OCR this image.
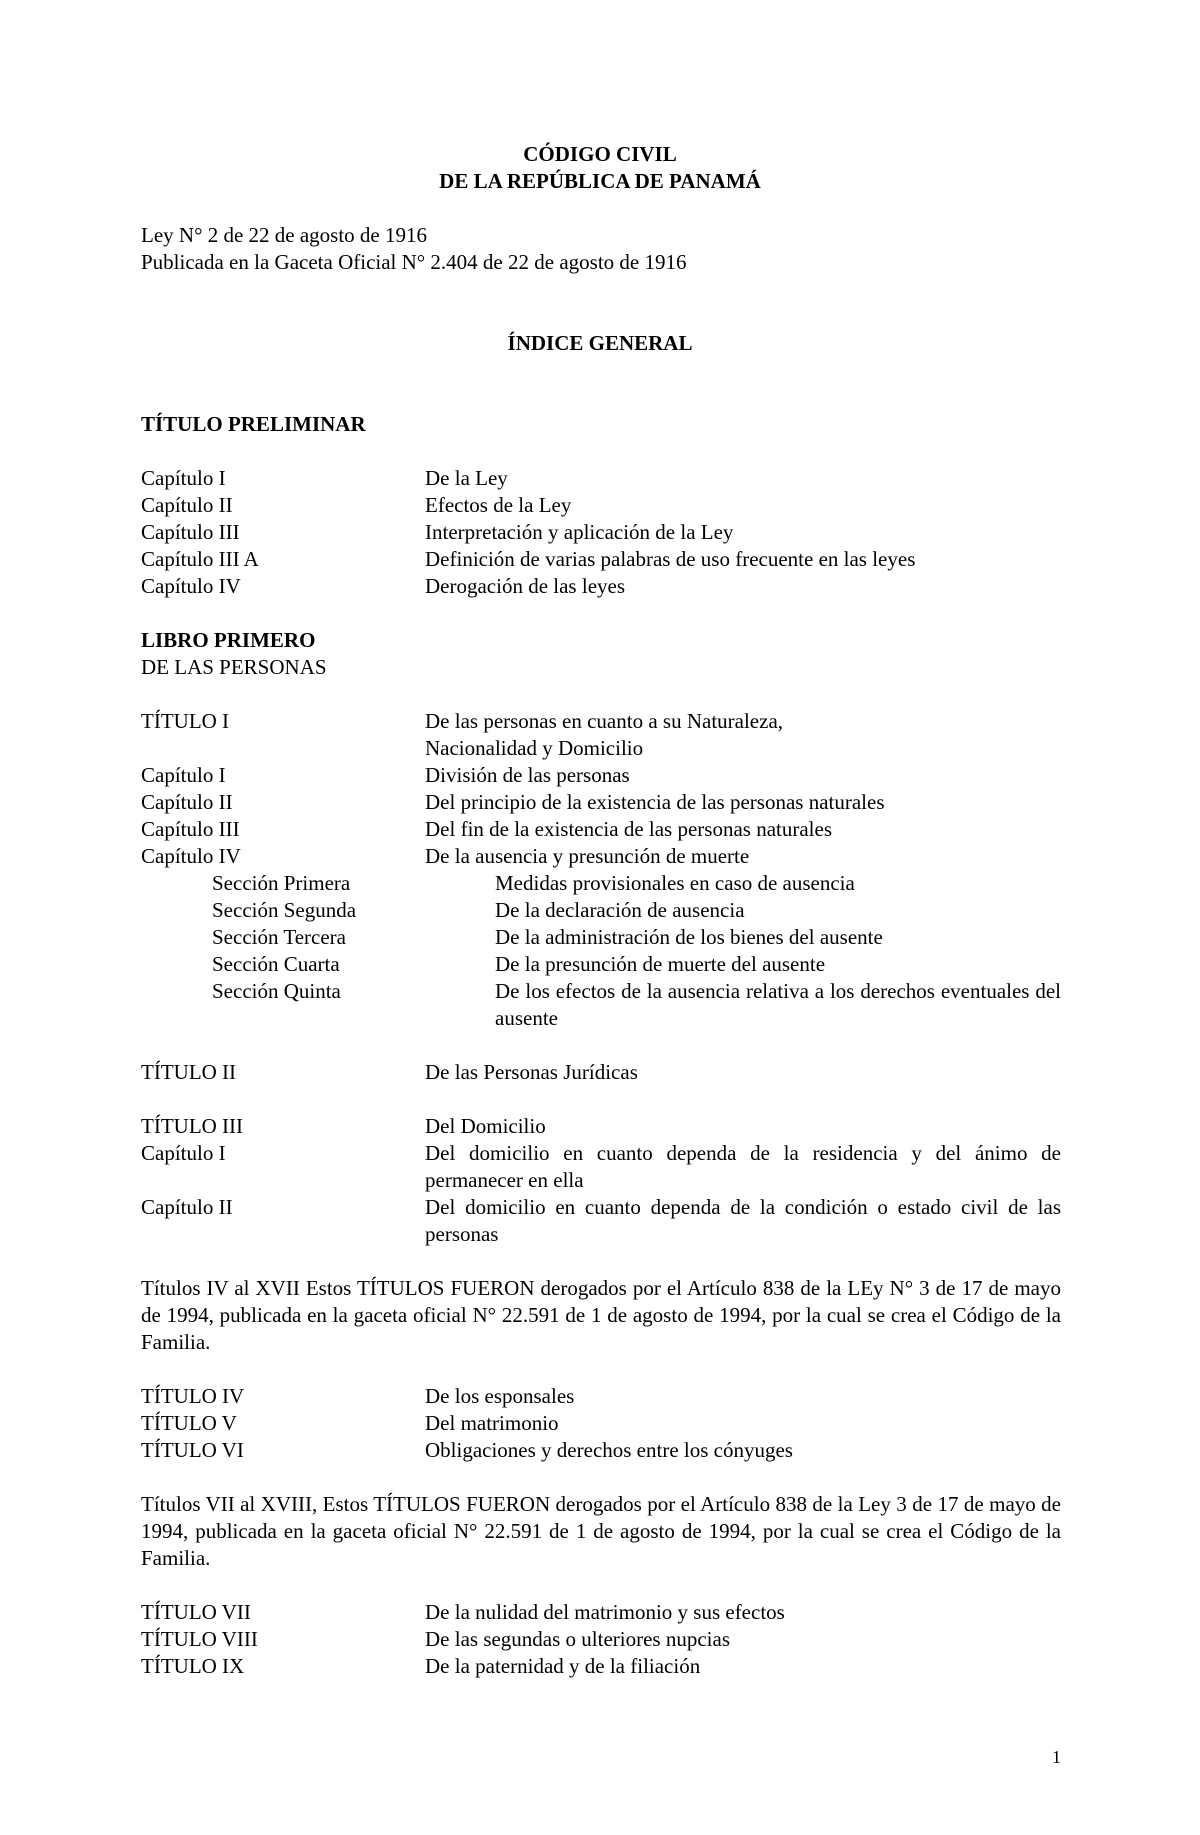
CÓDIGO CIVIL
DE LA REPÚBLICA DE PANAMÁ
Ley N° 2 de 22 de agosto de 1916
Publicada en la Gaceta Oficial N° 2.404 de 22 de agosto de 1916
ÍNDICE GENERAL
TÍTULO PRELIMINAR
Capítulo I	De la Ley
Capítulo II	Efectos de la Ley
Capítulo III	Interpretación y aplicación de la Ley
Capítulo III A	Definición de varias palabras de uso frecuente en las leyes
Capítulo IV	Derogación de las leyes
LIBRO PRIMERO
DE LAS PERSONAS
TÍTULO I	De las personas en cuanto a su Naturaleza, Nacionalidad y Domicilio
Capítulo I	División de las personas
Capítulo II	Del principio de la existencia de las personas naturales
Capítulo III	Del fin de la existencia de las personas naturales
Capítulo IV	De la ausencia y presunción de muerte
Sección Primera	Medidas provisionales en caso de ausencia
Sección Segunda	De la declaración de ausencia
Sección Tercera	De la administración de los bienes del ausente
Sección Cuarta	De la presunción de muerte del ausente
Sección Quinta	De los efectos de la ausencia relativa a los derechos eventuales del ausente
TÍTULO II	De las Personas Jurídicas
TÍTULO III	Del Domicilio
Capítulo I	Del domicilio en cuanto dependa de la residencia y del ánimo de permanecer en ella
Capítulo II	Del domicilio en cuanto dependa de la condición o estado civil de las personas
Títulos IV al XVII Estos TÍTULOS FUERON derogados por el Artículo 838 de la LEy N° 3 de 17 de mayo de 1994, publicada en la gaceta oficial N° 22.591 de 1 de agosto de 1994, por la cual se crea el Código de la Familia.
TÍTULO IV	De los esponsales
TÍTULO V	Del matrimonio
TÍTULO VI	Obligaciones y derechos entre los cónyuges
Títulos VII al XVIII, Estos TÍTULOS FUERON derogados por el Artículo 838 de la Ley 3 de 17 de mayo de 1994, publicada en la gaceta oficial N° 22.591 de 1 de agosto de 1994, por la cual se crea el Código de la Familia.
TÍTULO VII	De la nulidad del matrimonio y sus efectos
TÍTULO VIII	De las segundas o ulteriores nupcias
TÍTULO IX	De la paternidad y de la filiación
1
